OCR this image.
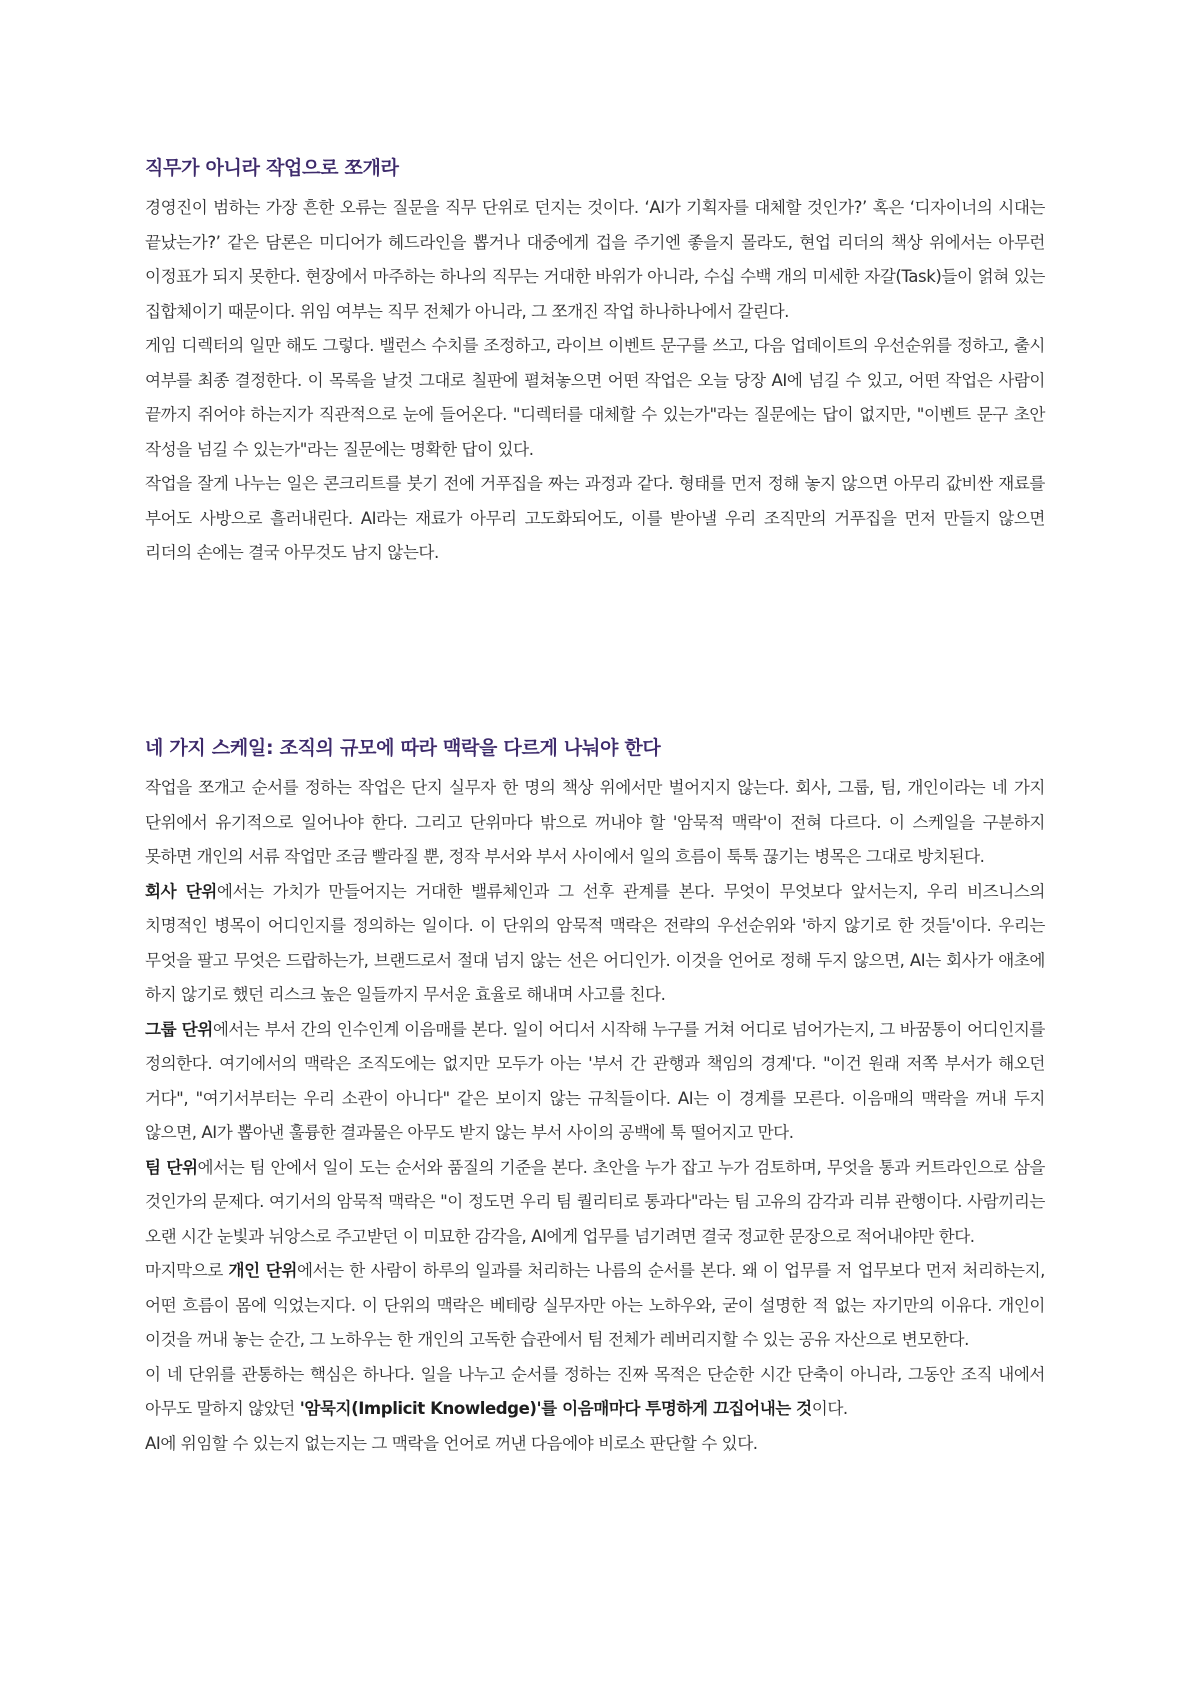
직무가 아니라 작업으로 쪼개라

경영진이 범하는 가장 흔한 오류는 질문을 직무 단위로 던지는 것이다. ‘AI가 기획자를 대체할 것인가?’ 혹은 ‘디자이너의 시대는 끝났는가?’ 같은 담론은 미디어가 헤드라인을 뽑거나 대중에게 겁을 주기엔 좋을지 몰라도, 현업 리더의 책상 위에서는 아무런 이정표가 되지 못한다. 현장에서 마주하는 하나의 직무는 거대한 바위가 아니라, 수십 수백 개의 미세한 자갈(Task)들이 얽혀 있는 집합체이기 때문이다. 위임 여부는 직무 전체가 아니라, 그 쪼개진 작업 하나하나에서 갈린다.

게임 디렉터의 일만 해도 그렇다. 밸런스 수치를 조정하고, 라이브 이벤트 문구를 쓰고, 다음 업데이트의 우선순위를 정하고, 출시 여부를 최종 결정한다. 이 목록을 날것 그대로 칠판에 펼쳐놓으면 어떤 작업은 오늘 당장 AI에 넘길 수 있고, 어떤 작업은 사람이 끝까지 쥐어야 하는지가 직관적으로 눈에 들어온다. "디렉터를 대체할 수 있는가"라는 질문에는 답이 없지만, "이벤트 문구 초안 작성을 넘길 수 있는가"라는 질문에는 명확한 답이 있다.

작업을 잘게 나누는 일은 콘크리트를 붓기 전에 거푸집을 짜는 과정과 같다. 형태를 먼저 정해 놓지 않으면 아무리 값비싼 재료를 부어도 사방으로 흘러내린다. AI라는 재료가 아무리 고도화되어도, 이를 받아낼 우리 조직만의 거푸집을 먼저 만들지 않으면 리더의 손에는 결국 아무것도 남지 않는다.

네 가지 스케일: 조직의 규모에 따라 맥락을 다르게 나눠야 한다

작업을 쪼개고 순서를 정하는 작업은 단지 실무자 한 명의 책상 위에서만 벌어지지 않는다. 회사, 그룹, 팀, 개인이라는 네 가지 단위에서 유기적으로 일어나야 한다. 그리고 단위마다 밖으로 꺼내야 할 '암묵적 맥락'이 전혀 다르다. 이 스케일을 구분하지 못하면 개인의 서류 작업만 조금 빨라질 뿐, 정작 부서와 부서 사이에서 일의 흐름이 툭툭 끊기는 병목은 그대로 방치된다.

회사 단위에서는 가치가 만들어지는 거대한 밸류체인과 그 선후 관계를 본다. 무엇이 무엇보다 앞서는지, 우리 비즈니스의 치명적인 병목이 어디인지를 정의하는 일이다. 이 단위의 암묵적 맥락은 전략의 우선순위와 '하지 않기로 한 것들'이다. 우리는 무엇을 팔고 무엇은 드랍하는가, 브랜드로서 절대 넘지 않는 선은 어디인가. 이것을 언어로 정해 두지 않으면, AI는 회사가 애초에 하지 않기로 했던 리스크 높은 일들까지 무서운 효율로 해내며 사고를 친다.

그룹 단위에서는 부서 간의 인수인계 이음매를 본다. 일이 어디서 시작해 누구를 거쳐 어디로 넘어가는지, 그 바꿈통이 어디인지를 정의한다. 여기에서의 맥락은 조직도에는 없지만 모두가 아는 '부서 간 관행과 책임의 경계'다. "이건 원래 저쪽 부서가 해오던 거다", "여기서부터는 우리 소관이 아니다" 같은 보이지 않는 규칙들이다. AI는 이 경계를 모른다. 이음매의 맥락을 꺼내 두지 않으면, AI가 뽑아낸 훌륭한 결과물은 아무도 받지 않는 부서 사이의 공백에 툭 떨어지고 만다.

팀 단위에서는 팀 안에서 일이 도는 순서와 품질의 기준을 본다. 초안을 누가 잡고 누가 검토하며, 무엇을 통과 커트라인으로 삼을 것인가의 문제다. 여기서의 암묵적 맥락은 "이 정도면 우리 팀 퀄리티로 통과다"라는 팀 고유의 감각과 리뷰 관행이다. 사람끼리는 오랜 시간 눈빛과 뉘앙스로 주고받던 이 미묘한 감각을, AI에게 업무를 넘기려면 결국 정교한 문장으로 적어내야만 한다.

마지막으로 개인 단위에서는 한 사람이 하루의 일과를 처리하는 나름의 순서를 본다. 왜 이 업무를 저 업무보다 먼저 처리하는지, 어떤 흐름이 몸에 익었는지다. 이 단위의 맥락은 베테랑 실무자만 아는 노하우와, 굳이 설명한 적 없는 자기만의 이유다. 개인이 이것을 꺼내 놓는 순간, 그 노하우는 한 개인의 고독한 습관에서 팀 전체가 레버리지할 수 있는 공유 자산으로 변모한다.

이 네 단위를 관통하는 핵심은 하나다. 일을 나누고 순서를 정하는 진짜 목적은 단순한 시간 단축이 아니라, 그동안 조직 내에서 아무도 말하지 않았던 '암묵지(Implicit Knowledge)'를 이음매마다 투명하게 끄집어내는 것이다.

AI에 위임할 수 있는지 없는지는 그 맥락을 언어로 꺼낸 다음에야 비로소 판단할 수 있다.
